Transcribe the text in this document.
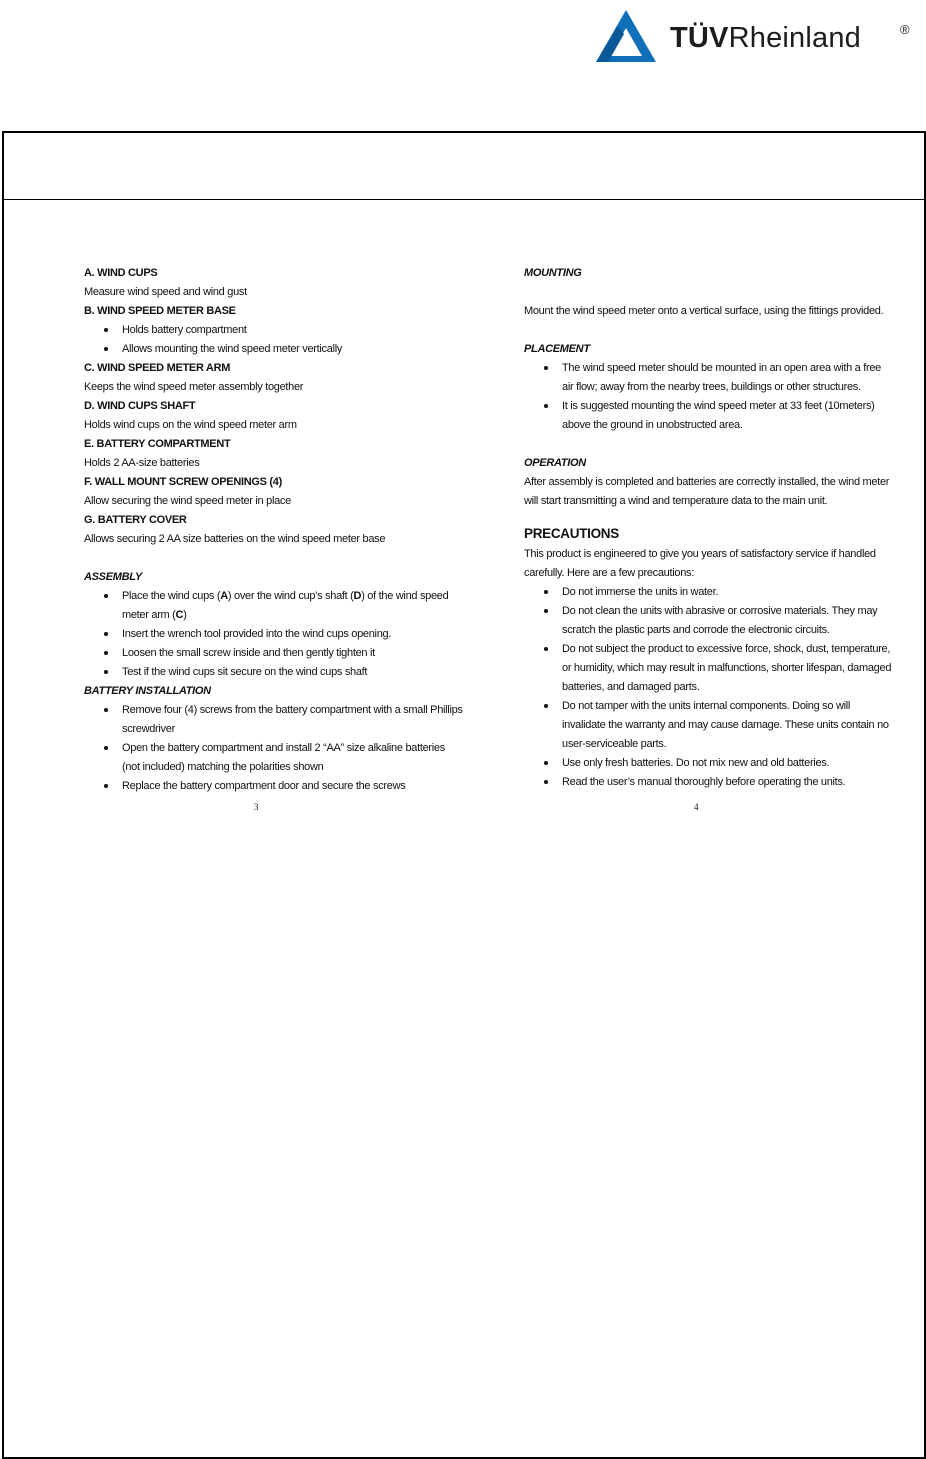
TÜVRheinland	®
A. WIND CUPS
Measure wind speed and wind gust
B. WIND SPEED METER BASE
Holds battery compartment
Allows mounting the wind speed meter vertically
C. WIND SPEED METER ARM
Keeps the wind speed meter assembly together
D. WIND CUPS SHAFT
Holds wind cups on the wind speed meter arm
E. BATTERY COMPARTMENT
Holds 2 AA-size batteries
F. WALL MOUNT SCREW OPENINGS (4)
Allow securing the wind speed meter in place
G. BATTERY COVER
Allows securing 2 AA size batteries on the wind speed meter base
ASSEMBLY
Place the wind cups (A) over the wind cup’s shaft (D) of the wind speed meter arm (C)
Insert the wrench tool provided into the wind cups opening.
Loosen the small screw inside and then gently tighten it
Test if the wind cups sit secure on the wind cups shaft
BATTERY INSTALLATION
Remove four (4) screws from the battery compartment with a small Phillips screwdriver
Open the battery compartment and install 2 “AA” size alkaline batteries (not included) matching the polarities shown
Replace the battery compartment door and secure the screws
3
MOUNTING
Mount the wind speed meter onto a vertical surface, using the fittings provided.
PLACEMENT
The wind speed meter should be mounted in an open area with a free air flow; away from the nearby trees, buildings or other structures.
It is suggested mounting the wind speed meter at 33 feet (10meters) above the ground in unobstructed area.
OPERATION
After assembly is completed and batteries are correctly installed, the wind meter will start transmitting a wind and temperature data to the main unit.
PRECAUTIONS
This product is engineered to give you years of satisfactory service if handled carefully. Here are a few precautions:
Do not immerse the units in water.
Do not clean the units with abrasive or corrosive materials. They may scratch the plastic parts and corrode the electronic circuits.
Do not subject the product to excessive force, shock, dust, temperature, or humidity, which may result in malfunctions, shorter lifespan, damaged batteries, and damaged parts.
Do not tamper with the units internal components. Doing so will invalidate the warranty and may cause damage. These units contain no user-serviceable parts.
Use only fresh batteries. Do not mix new and old batteries.
Read the user’s manual thoroughly before operating the units.
4
